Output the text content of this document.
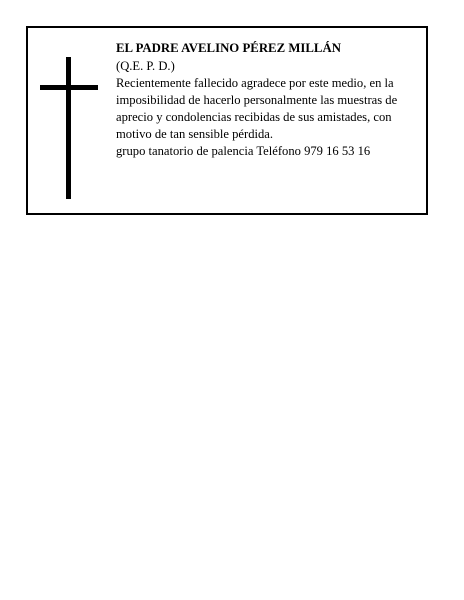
EL PADRE AVELINO PÉREZ MILLÁN

(Q.E. P. D.)

Recientemente fallecido agradece por este medio, en la imposibilidad de hacerlo personalmente las muestras de aprecio y condolencias recibidas de sus amistades, con motivo de tan sensible pérdida.

grupo tanatorio de palencia Teléfono 979 16 53 16
